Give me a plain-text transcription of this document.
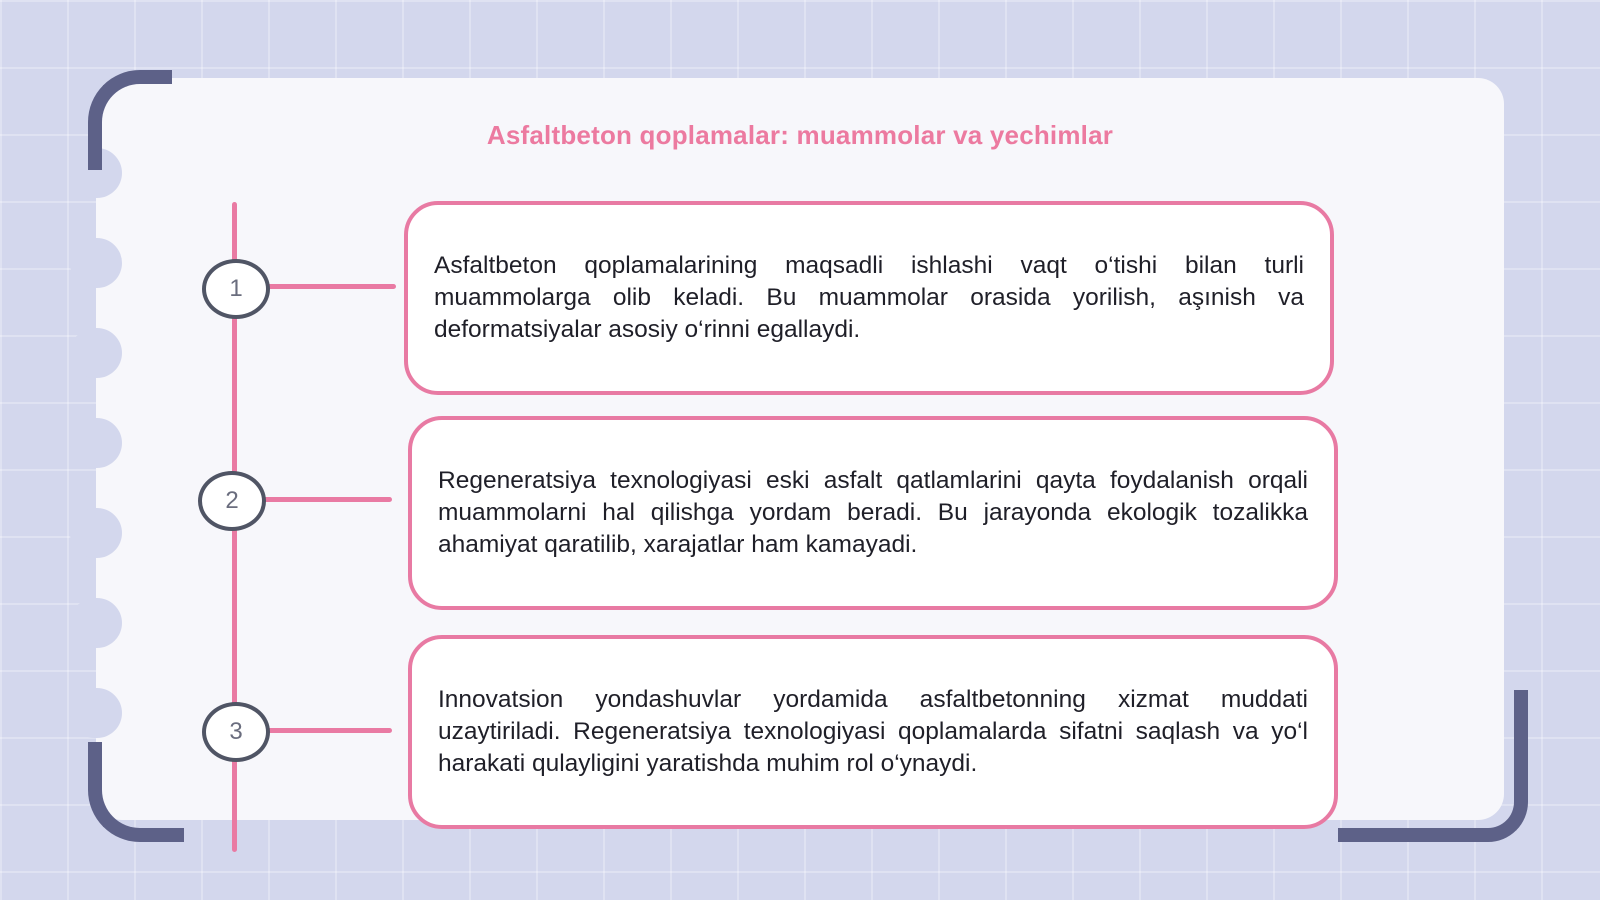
Asfaltbeton qoplamalar: muammolar va yechimlar
1
2
3

Asfaltbeton qoplamalarining maqsadli ishlashi vaqt o‘tishi bilan turli muammolarga olib keladi. Bu muammolar orasida yorilish, aşınish va deformatsiyalar asosiy o‘rinni egallaydi.

Regeneratsiya texnologiyasi eski asfalt qatlamlarini qayta foydalanish orqali muammolarni hal qilishga yordam beradi. Bu jarayonda ekologik tozalikka ahamiyat qaratilib, xarajatlar ham kamayadi.

Innovatsion yondashuvlar yordamida asfaltbetonning xizmat muddati uzaytiriladi. Regeneratsiya texnologiyasi qoplamalarda sifatni saqlash va yo‘l harakati qulayligini yaratishda muhim rol o‘ynaydi.
